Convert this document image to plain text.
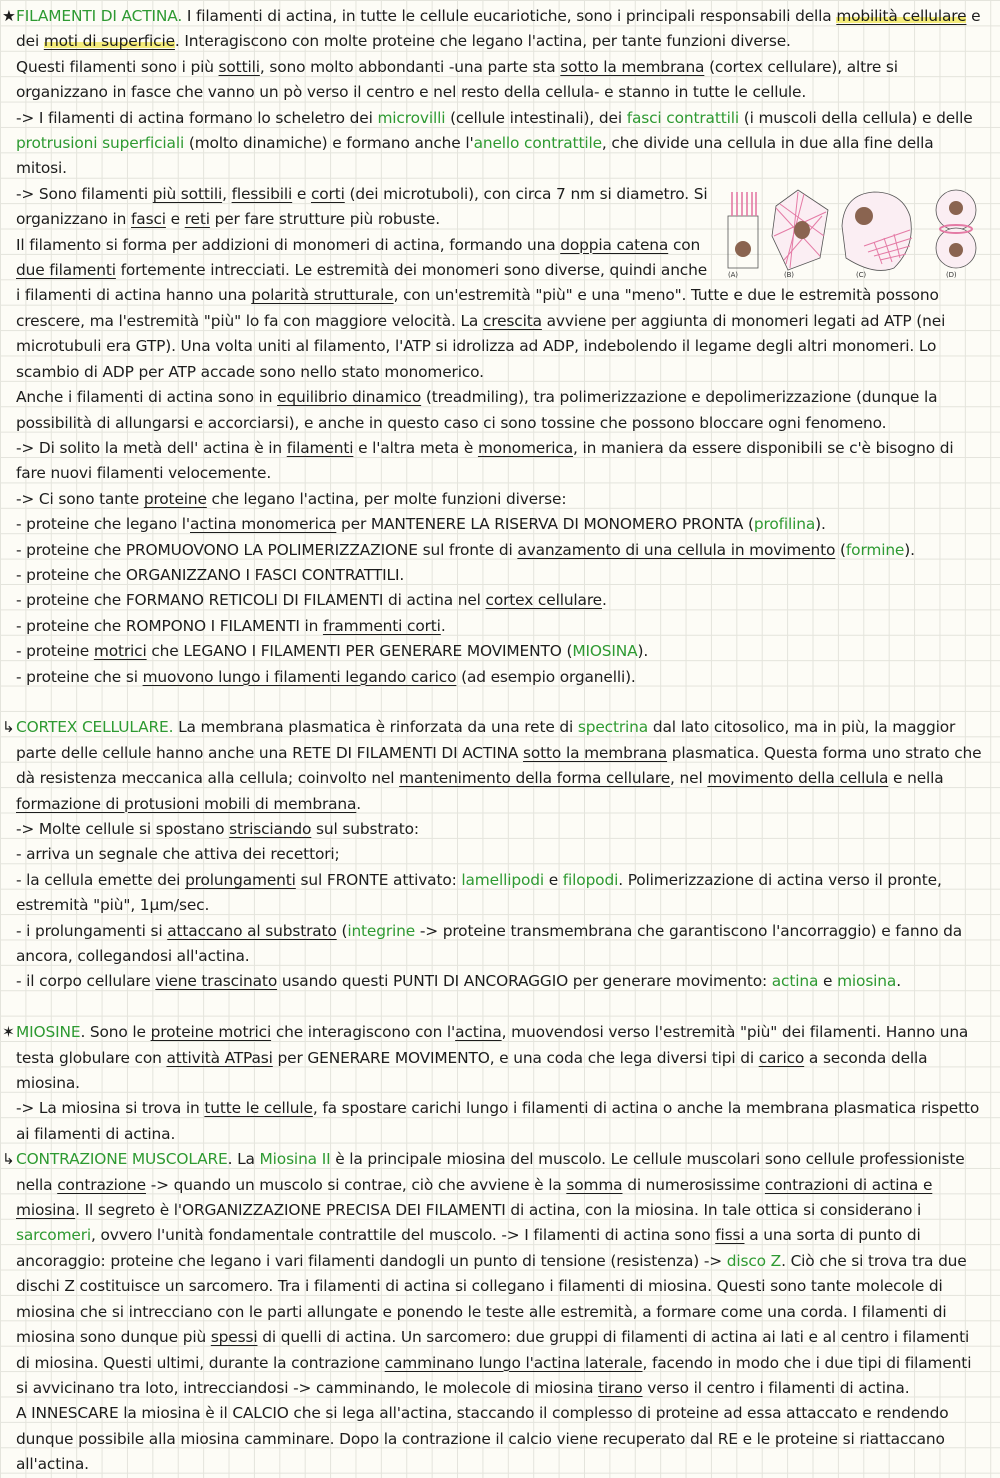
★FILAMENTI DI ACTINA. I filamenti di actina, in tutte le cellule eucariotiche, sono i principali responsabili della mobilità cellulare e dei moti di superficie. Interagiscono con molte proteine che legano l'actina, per tante funzioni diverse.

Questi filamenti sono i più sottili, sono molto abbondanti -una parte sta sotto la membrana (cortex cellulare), altre si organizzano in fasce che vanno un pò verso il centro e nel resto della cellula- e stanno in tutte le cellule.

-> I filamenti di actina formano lo scheletro dei microvilli (cellule intestinali), dei fasci contrattili (i muscoli della cellula) e delle protrusioni superficiali (molto dinamiche) e formano anche l'anello contrattile, che divide una cellula in due alla fine della mitosi.

(A)	(B)	(C)	(D)

-> Sono filamenti più sottili, flessibili e corti (dei microtuboli), con circa 7 nm si diametro. Si organizzano in fasci e reti per fare strutture più robuste.

Il filamento si forma per addizioni di monomeri di actina, formando una doppia catena con due filamenti fortemente intrecciati. Le estremità dei monomeri sono diverse, quindi anche i filamenti di actina hanno una polarità strutturale, con un'estremità "più" e una "meno". Tutte e due le estremità possono crescere, ma l'estremità "più" lo fa con maggiore velocità. La crescita avviene per aggiunta di monomeri legati ad ATP (nei microtubuli era GTP). Una volta uniti al filamento, l'ATP si idrolizza ad ADP, indebolendo il legame degli altri monomeri. Lo scambio di ADP per ATP accade sono nello stato monomerico.

Anche i filamenti di actina sono in equilibrio dinamico (treadmiling), tra polimerizzazione e depolimerizzazione (dunque la possibilità di allungarsi e accorciarsi), e anche in questo caso ci sono tossine che possono bloccare ogni fenomeno.

-> Di solito la metà dell' actina è in filamenti e l'altra meta è monomerica, in maniera da essere disponibili se c'è bisogno di fare nuovi filamenti velocemente.

-> Ci sono tante proteine che legano l'actina, per molte funzioni diverse:

- proteine che legano l'actina monomerica per MANTENERE LA RISERVA DI MONOMERO PRONTA (profilina).

- proteine che PROMUOVONO LA POLIMERIZZAZIONE sul fronte di avanzamento di una cellula in movimento (formine).

- proteine che ORGANIZZANO I FASCI CONTRATTILI.

- proteine che FORMANO RETICOLI DI FILAMENTI di actina nel cortex cellulare.

- proteine che ROMPONO I FILAMENTI in frammenti corti.

- proteine motrici che LEGANO I FILAMENTI PER GENERARE MOVIMENTO (MIOSINA).

- proteine che si muovono lungo i filamenti legando carico (ad esempio organelli).

↳ CORTEX CELLULARE. La membrana plasmatica è rinforzata da una rete di spectrina dal lato citosolico, ma in più, la maggior parte delle cellule hanno anche una RETE DI FILAMENTI DI ACTINA sotto la membrana plasmatica. Questa forma uno strato che dà resistenza meccanica alla cellula; coinvolto nel mantenimento della forma cellulare, nel movimento della cellula e nella formazione di protusioni mobili di membrana.

-> Molte cellule si spostano strisciando sul substrato:

- arriva un segnale che attiva dei recettori;

- la cellula emette dei prolungamenti sul FRONTE attivato: lamellipodi e filopodi. Polimerizzazione di actina verso il pronte, estremità "più", 1μm/sec.

- i prolungamenti si attaccano al substrato (integrine -> proteine transmembrana che garantiscono l'ancorraggio) e fanno da ancora, collegandosi all'actina.

- il corpo cellulare viene trascinato usando questi PUNTI DI ANCORAGGIO per generare movimento: actina e miosina.

✶MIOSINE. Sono le proteine motrici che interagiscono con l'actina, muovendosi verso l'estremità "più" dei filamenti. Hanno una testa globulare con attività ATPasi per GENERARE MOVIMENTO, e una coda che lega diversi tipi di carico a seconda della miosina.

-> La miosina si trova in tutte le cellule, fa spostare carichi lungo i filamenti di actina o anche la membrana plasmatica rispetto ai filamenti di actina.

↳ CONTRAZIONE MUSCOLARE. La Miosina II è la principale miosina del muscolo. Le cellule muscolari sono cellule professioniste nella contrazione -> quando un muscolo si contrae, ciò che avviene è la somma di numerosissime contrazioni di actina e miosina. Il segreto è l'ORGANIZZAZIONE PRECISA DEI FILAMENTI di actina, con la miosina. In tale ottica si considerano i sarcomeri, ovvero l'unità fondamentale contrattile del muscolo. -> I filamenti di actina sono fissi a una sorta di punto di ancoraggio: proteine che legano i vari filamenti dandogli un punto di tensione (resistenza) -> disco Z. Ciò che si trova tra due dischi Z costituisce un sarcomero. Tra i filamenti di actina si collegano i filamenti di miosina. Questi sono tante molecole di miosina che si intrecciano con le parti allungate e ponendo le teste alle estremità, a formare come una corda. I filamenti di miosina sono dunque più spessi di quelli di actina. Un sarcomero: due gruppi di filamenti di actina ai lati e al centro i filamenti di miosina. Questi ultimi, durante la contrazione camminano lungo l'actina laterale, facendo in modo che i due tipi di filamenti si avvicinano tra loto, intrecciandosi -> camminando, le molecole di miosina tirano verso il centro i filamenti di actina.

A INNESCARE la miosina è il CALCIO che si lega all'actina, staccando il complesso di proteine ad essa attaccato e rendendo dunque possibile alla miosina camminare. Dopo la contrazione il calcio viene recuperato dal RE e le proteine si riattaccano all'actina.
